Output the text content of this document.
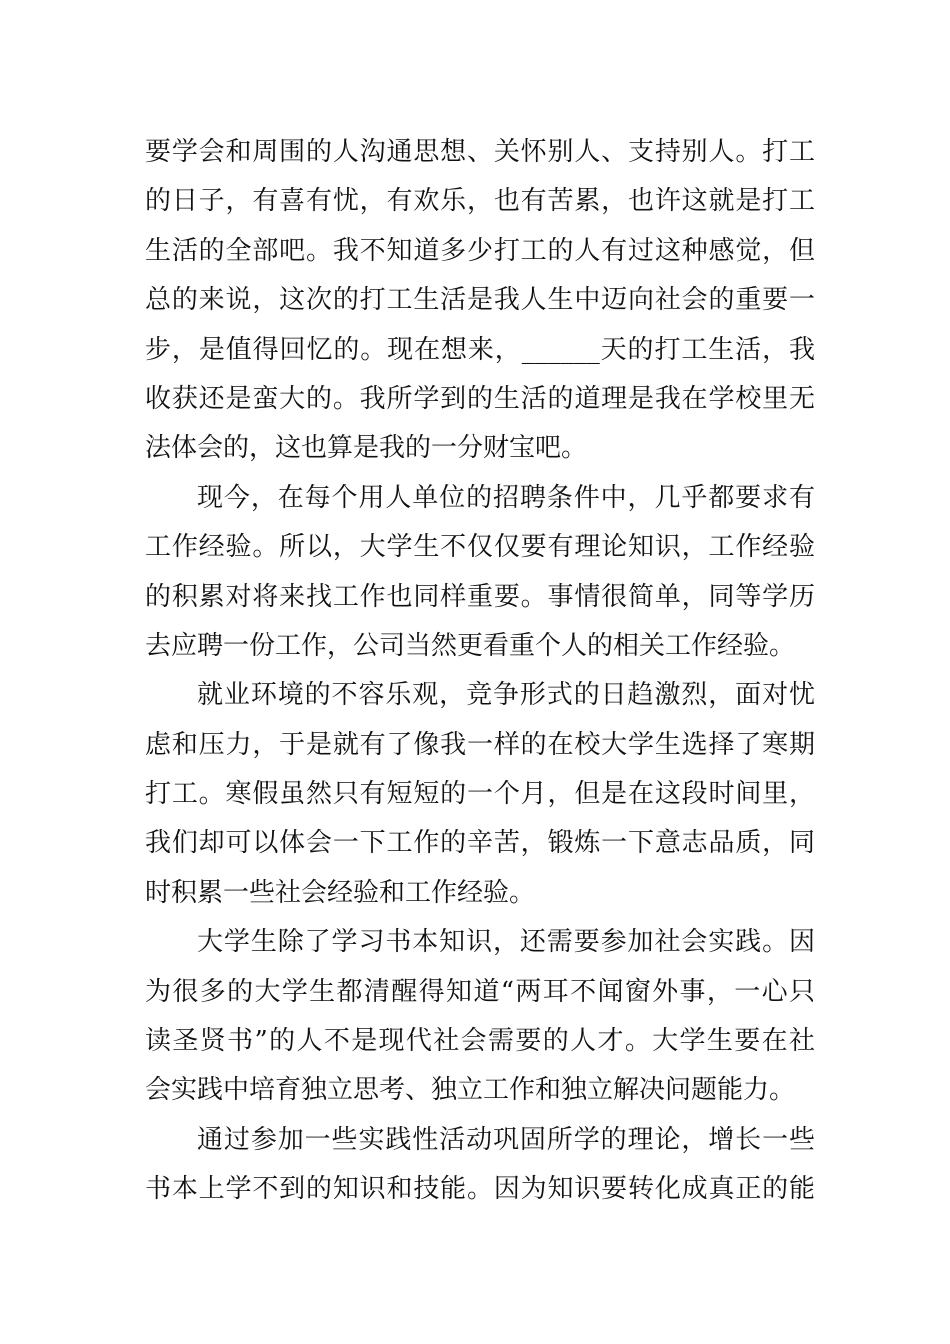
要学会和周围的人沟通思想、关怀别人、支持别人。打工
的日子，有喜有忧，有欢乐，也有苦累，也许这就是打工
生活的全部吧。我不知道多少打工的人有过这种感觉，但
总的来说，这次的打工生活是我人生中迈向社会的重要一
步，是值得回忆的。现在想来，______天的打工生活，我
收获还是蛮大的。我所学到的生活的道理是我在学校里无
法体会的，这也算是我的一分财宝吧。
现今，在每个用人单位的招聘条件中，几乎都要求有
工作经验。所以，大学生不仅仅要有理论知识，工作经验
的积累对将来找工作也同样重要。事情很简单，同等学历
去应聘一份工作，公司当然更看重个人的相关工作经验。
就业环境的不容乐观，竞争形式的日趋激烈，面对忧
虑和压力，于是就有了像我一样的在校大学生选择了寒期
打工。寒假虽然只有短短的一个月，但是在这段时间里，
我们却可以体会一下工作的辛苦，锻炼一下意志品质，同
时积累一些社会经验和工作经验。
大学生除了学习书本知识，还需要参加社会实践。因
为很多的大学生都清醒得知道“两耳不闻窗外事，一心只
读圣贤书”的人不是现代社会需要的人才。大学生要在社
会实践中培育独立思考、独立工作和独立解决问题能力。
通过参加一些实践性活动巩固所学的理论，增长一些
书本上学不到的知识和技能。因为知识要转化成真正的能
